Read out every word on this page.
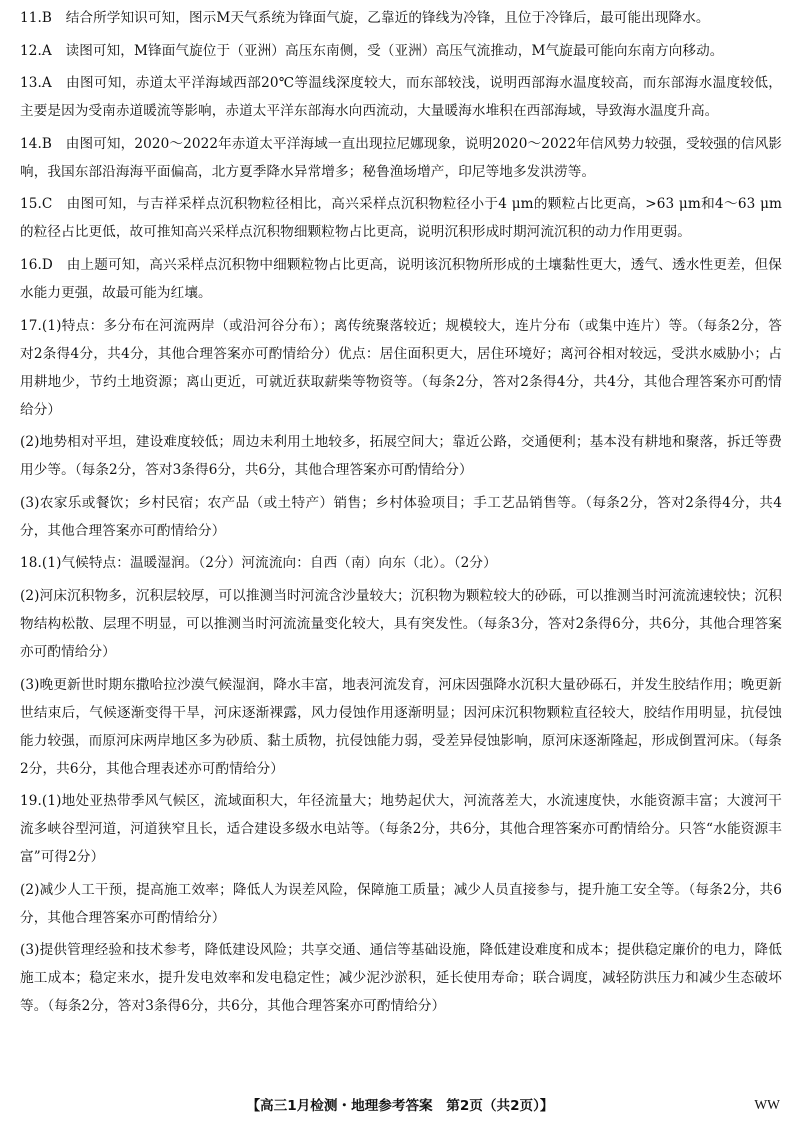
11.B　结合所学知识可知，图示M天气系统为锋面气旋，乙靠近的锋线为冷锋，且位于冷锋后，最可能出现降水。

12.A　读图可知，M锋面气旋位于（亚洲）高压东南侧，受（亚洲）高压气流推动，M气旋最可能向东南方向移动。

13.A　由图可知，赤道太平洋海域西部20℃等温线深度较大，而东部较浅，说明西部海水温度较高，而东部海水温度较低，主要是因为受南赤道暖流等影响，赤道太平洋东部海水向西流动，大量暖海水堆积在西部海域，导致海水温度升高。

14.B　由图可知，2020～2022年赤道太平洋海域一直出现拉尼娜现象，说明2020～2022年信风势力较强，受较强的信风影响，我国东部沿海海平面偏高，北方夏季降水异常增多；秘鲁渔场增产，印尼等地多发洪涝等。

15.C　由图可知，与吉祥采样点沉积物粒径相比，高兴采样点沉积物粒径小于4 μm的颗粒占比更高，>63 μm和4～63 μm的粒径占比更低，故可推知高兴采样点沉积物细颗粒物占比更高，说明沉积形成时期河流沉积的动力作用更弱。

16.D　由上题可知，高兴采样点沉积物中细颗粒物占比更高，说明该沉积物所形成的土壤黏性更大，透气、透水性更差，但保水能力更强，故最可能为红壤。

17.(1)特点：多分布在河流两岸（或沿河谷分布）；离传统聚落较近；规模较大，连片分布（或集中连片）等。（每条2分，答对2条得4分，共4分，其他合理答案亦可酌情给分）优点：居住面积更大，居住环境好；离河谷相对较远，受洪水威胁小；占用耕地少，节约土地资源；离山更近，可就近获取薪柴等物资等。（每条2分，答对2条得4分，共4分，其他合理答案亦可酌情给分）

(2)地势相对平坦，建设难度较低；周边未利用土地较多，拓展空间大；靠近公路，交通便利；基本没有耕地和聚落，拆迁等费用少等。（每条2分，答对3条得6分，共6分，其他合理答案亦可酌情给分）

(3)农家乐或餐饮；乡村民宿；农产品（或土特产）销售；乡村体验项目；手工艺品销售等。（每条2分，答对2条得4分，共4分，其他合理答案亦可酌情给分）

18.(1)气候特点：温暖湿润。（2分）河流流向：自西（南）向东（北）。（2分）

(2)河床沉积物多，沉积层较厚，可以推测当时河流含沙量较大；沉积物为颗粒较大的砂砾，可以推测当时河流流速较快；沉积物结构松散、层理不明显，可以推测当时河流流量变化较大，具有突发性。（每条3分，答对2条得6分，共6分，其他合理答案亦可酌情给分）

(3)晚更新世时期东撒哈拉沙漠气候湿润，降水丰富，地表河流发育，河床因强降水沉积大量砂砾石，并发生胶结作用；晚更新世结束后，气候逐渐变得干旱，河床逐渐裸露，风力侵蚀作用逐渐明显；因河床沉积物颗粒直径较大，胶结作用明显，抗侵蚀能力较强，而原河床两岸地区多为砂质、黏土质物，抗侵蚀能力弱，受差异侵蚀影响，原河床逐渐隆起，形成倒置河床。（每条2分，共6分，其他合理表述亦可酌情给分）

19.(1)地处亚热带季风气候区，流域面积大，年径流量大；地势起伏大，河流落差大，水流速度快，水能资源丰富；大渡河干流多峡谷型河道，河道狭窄且长，适合建设多级水电站等。（每条2分，共6分，其他合理答案亦可酌情给分。只答“水能资源丰富”可得2分）

(2)减少人工干预，提高施工效率；降低人为误差风险，保障施工质量；减少人员直接参与，提升施工安全等。（每条2分，共6分，其他合理答案亦可酌情给分）

(3)提供管理经验和技术参考，降低建设风险；共享交通、通信等基础设施，降低建设难度和成本；提供稳定廉价的电力，降低施工成本；稳定来水，提升发电效率和发电稳定性；减少泥沙淤积，延长使用寿命；联合调度，减轻防洪压力和减少生态破坏等。（每条2分，答对3条得6分，共6分，其他合理答案亦可酌情给分）

【高三1月检测・地理参考答案　第2页（共2页）】	WW
